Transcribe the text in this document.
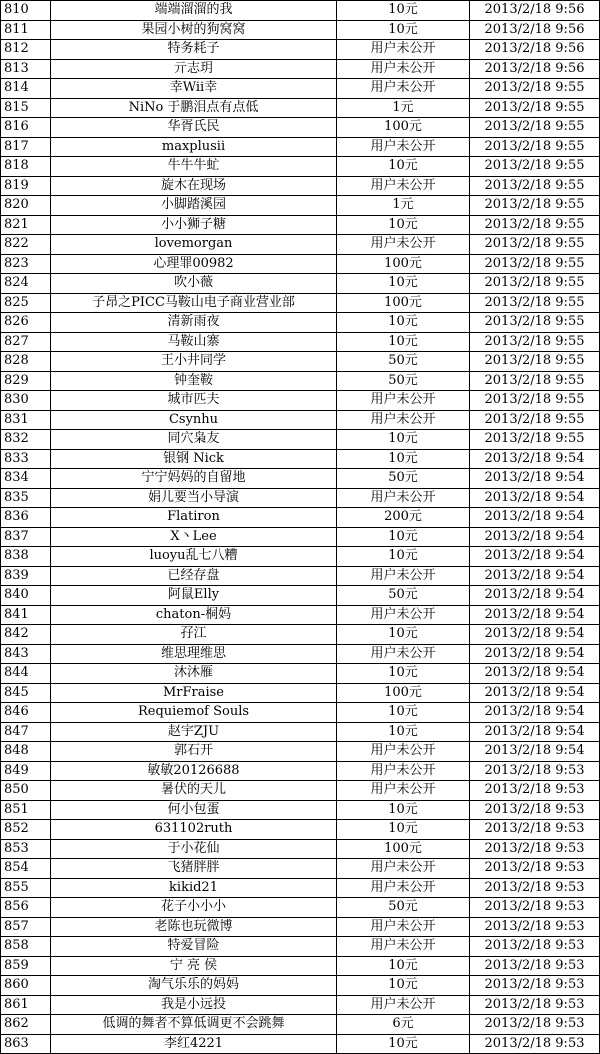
810	端端溜溜的我	10元	2013/2/18 9:56
811	果园小树的狗窝窝	10元	2013/2/18 9:56
812	特务耗子	用户未公开	2013/2/18 9:56
813	亓志玥	用户未公开	2013/2/18 9:56
814	幸Wii幸	用户未公开	2013/2/18 9:55
815	NiNo 于鹏泪点有点低	1元	2013/2/18 9:55
816	华胥氏民	100元	2013/2/18 9:55
817	maxplusii	用户未公开	2013/2/18 9:55
818	牛牛牛虻	10元	2013/2/18 9:55
819	旋木在现场	用户未公开	2013/2/18 9:55
820	小脚踏溪园	1元	2013/2/18 9:55
821	小小狮子糖	10元	2013/2/18 9:55
822	lovemorgan	用户未公开	2013/2/18 9:55
823	心理罪00982	100元	2013/2/18 9:55
824	吹小薇	10元	2013/2/18 9:55
825	子昂之PICC马鞍山电子商业营业部	100元	2013/2/18 9:55
826	清新雨夜	10元	2013/2/18 9:55
827	马鞍山寨	10元	2013/2/18 9:55
828	王小井同学	50元	2013/2/18 9:55
829	钟奎鞍	50元	2013/2/18 9:55
830	城市匹夫	用户未公开	2013/2/18 9:55
831	Csynhu	用户未公开	2013/2/18 9:55
832	同穴枭友	10元	2013/2/18 9:55
833	银钢 Nick	10元	2013/2/18 9:54
834	宁宁妈妈的自留地	50元	2013/2/18 9:54
835	娟儿要当小导演	用户未公开	2013/2/18 9:54
836	Flatiron	200元	2013/2/18 9:54
837	X丶Lee	10元	2013/2/18 9:54
838	luoyu乱七八糟	10元	2013/2/18 9:54
839	已经存盘	用户未公开	2013/2/18 9:54
840	阿鼠Elly	50元	2013/2/18 9:54
841	chaton-桐妈	用户未公开	2013/2/18 9:54
842	孖江	10元	2013/2/18 9:54
843	维思理维思	用户未公开	2013/2/18 9:54
844	沐沐雁	10元	2013/2/18 9:54
845	MrFraise	100元	2013/2/18 9:54
846	Requiemof Souls	10元	2013/2/18 9:54
847	赵宇ZJU	10元	2013/2/18 9:54
848	郭石开	用户未公开	2013/2/18 9:54
849	敏敏20126688	用户未公开	2013/2/18 9:53
850	暑伏的天儿	用户未公开	2013/2/18 9:53
851	何小包蛋	10元	2013/2/18 9:53
852	631102ruth	10元	2013/2/18 9:53
853	于小花仙	100元	2013/2/18 9:53
854	飞猪胖胖	用户未公开	2013/2/18 9:53
855	kikid21	用户未公开	2013/2/18 9:53
856	花子小小小	50元	2013/2/18 9:53
857	老陈也玩微博	用户未公开	2013/2/18 9:53
858	特爱冒险	用户未公开	2013/2/18 9:53
859	宁 亮 侯	10元	2013/2/18 9:53
860	淘气乐乐的妈妈	10元	2013/2/18 9:53
861	我是小远投	用户未公开	2013/2/18 9:53
862	低调的舞者不算低调更不会跳舞	6元	2013/2/18 9:53
863	李红4221	10元	2013/2/18 9:53
